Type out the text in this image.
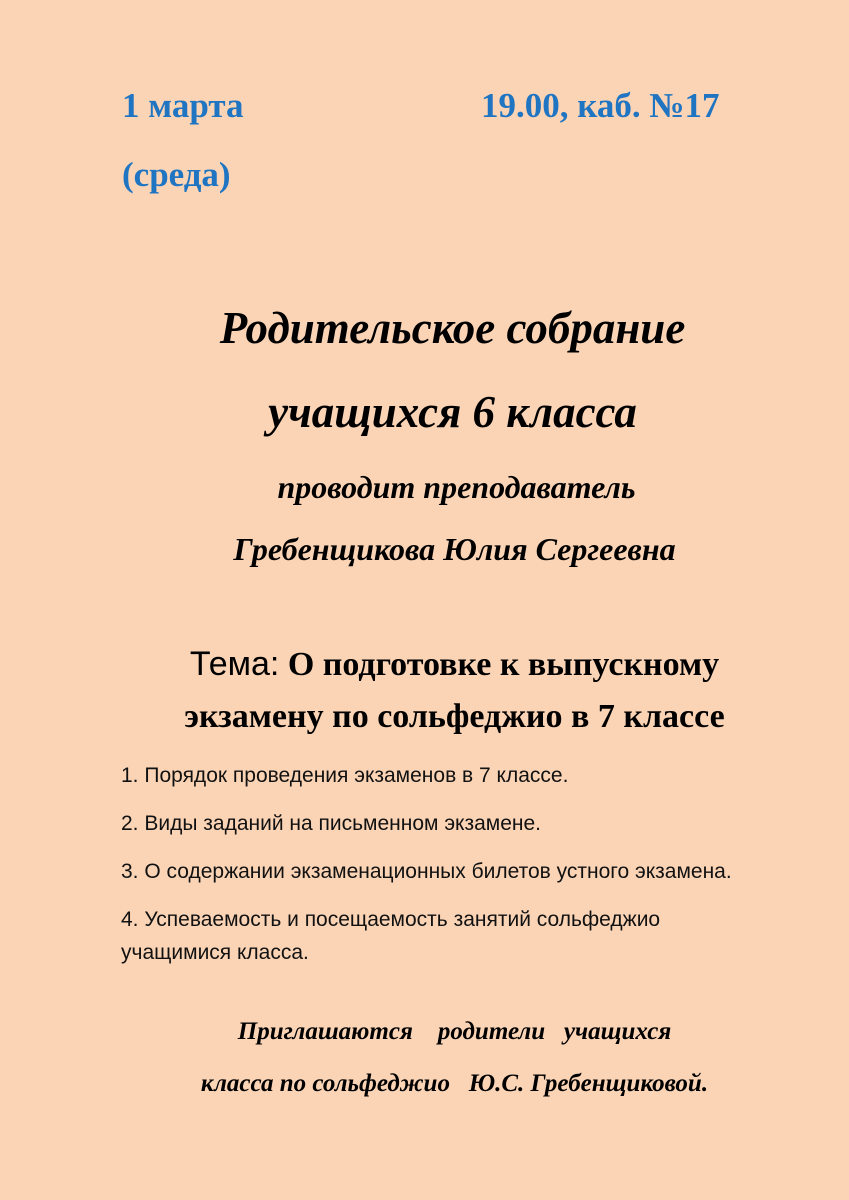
1 марта	19.00, каб. №17
(среда)
Родительское собрание
учащихся 6 класса
проводит преподаватель
Гребенщикова Юлия Сергеевна
Тема: О подготовке к выпускному
экзамену по сольфеджио в 7 классе
1. Порядок проведения экзаменов в 7 классе.
2. Виды заданий на письменном экзамене.
3. О содержании экзаменационных билетов устного экзамена.
4. Успеваемость и посещаемость занятий сольфеджио учащимися класса.
Приглашаются    родители   учащихся
класса по сольфеджио   Ю.С. Гребенщиковой.
